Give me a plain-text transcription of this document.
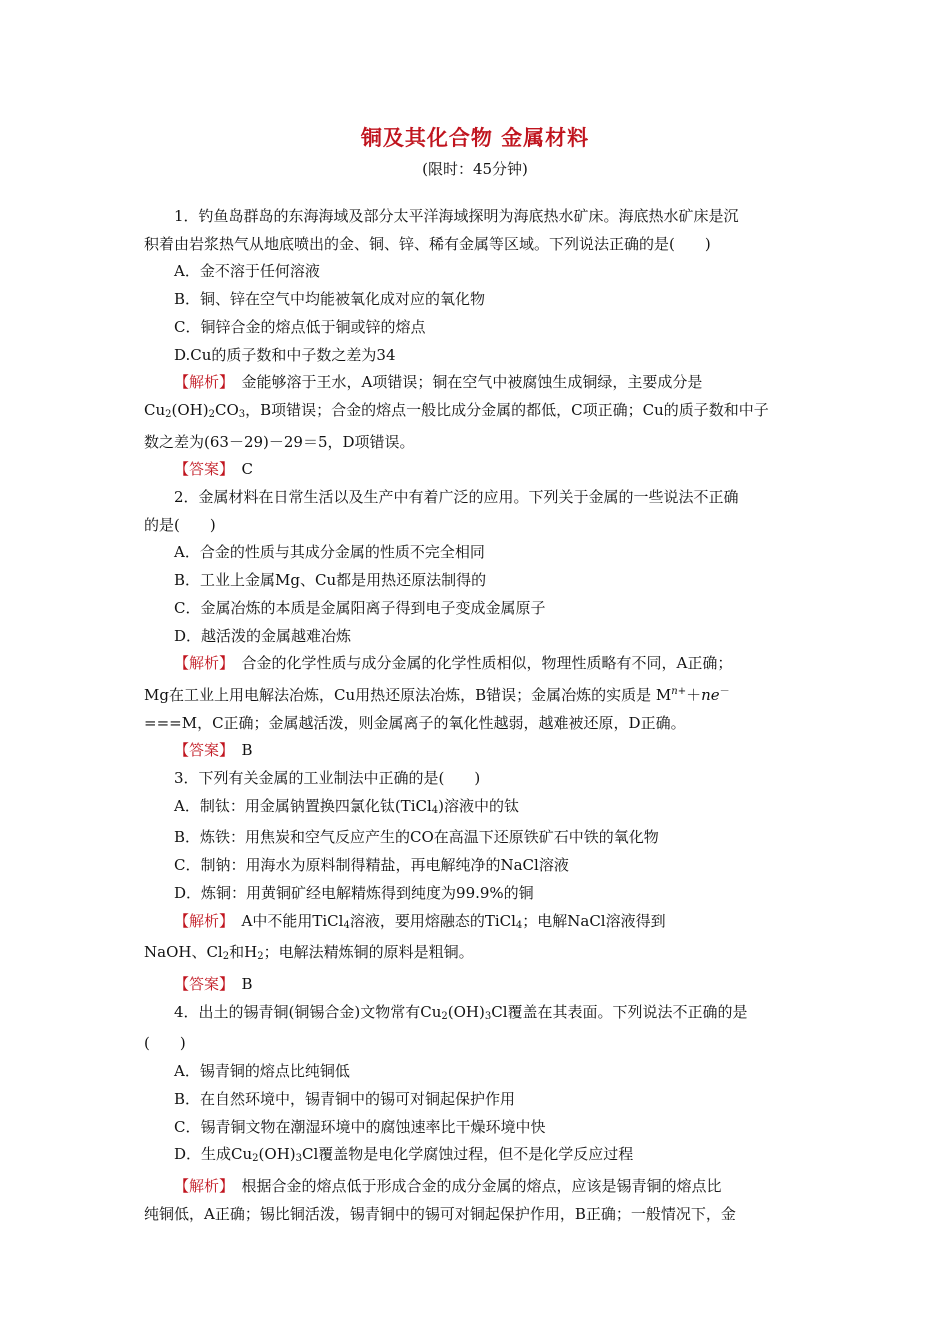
铜及其化合物 金属材料
(限时：45分钟)

1．钓鱼岛群岛的东海海域及部分太平洋海域探明为海底热水矿床。海底热水矿床是沉

积着由岩浆热气从地底喷出的金、铜、锌、稀有金属等区域。下列说法正确的是(　　)

A．金不溶于任何溶液

B．铜、锌在空气中均能被氧化成对应的氧化物

C．铜锌合金的熔点低于铜或锌的熔点

D.Cu的质子数和中子数之差为34

【解析】　金能够溶于王水，A项错误；铜在空气中被腐蚀生成铜绿，主要成分是

$Cu_2(OH)_2CO_3$，B项错误；合金的熔点一般比成分金属的都低，C项正确；Cu的质子数和中子

数之差为(63－29)－29＝5，D项错误。

【答案】　C

2．金属材料在日常生活以及生产中有着广泛的应用。下列关于金属的一些说法不正确

的是(　　)

A．合金的性质与其成分金属的性质不完全相同

B．工业上金属Mg、Cu都是用热还原法制得的

C．金属冶炼的本质是金属阳离子得到电子变成金属原子

D．越活泼的金属越难冶炼

【解析】　合金的化学性质与成分金属的化学性质相似，物理性质略有不同，A正确；

Mg在工业上用电解法冶炼，Cu用热还原法冶炼，B错误；金属冶炼的实质是 $M^{n+}+ne^-$

===M，C正确；金属越活泼，则金属离子的氧化性越弱，越难被还原，D正确。

【答案】　B

3．下列有关金属的工业制法中正确的是(　　)

A．制钛：用金属钠置换四氯化钛(TiCl$_4$)溶液中的钛

B．炼铁：用焦炭和空气反应产生的CO在高温下还原铁矿石中铁的氧化物

C．制钠：用海水为原料制得精盐，再电解纯净的NaCl溶液

D．炼铜：用黄铜矿经电解精炼得到纯度为99.9%的铜

【解析】　A中不能用TiCl$_4$溶液，要用熔融态的TiCl$_4$；电解NaCl溶液得到

NaOH、$Cl_2$和$H_2$；电解法精炼铜的原料是粗铜。

【答案】　B

4．出土的锡青铜(铜锡合金)文物常有$Cu_2(OH)_3Cl$覆盖在其表面。下列说法不正确的是

(　　)

A．锡青铜的熔点比纯铜低

B．在自然环境中，锡青铜中的锡可对铜起保护作用

C．锡青铜文物在潮湿环境中的腐蚀速率比干燥环境中快

D．生成$Cu_2(OH)_3Cl$覆盖物是电化学腐蚀过程，但不是化学反应过程

【解析】　根据合金的熔点低于形成合金的成分金属的熔点，应该是锡青铜的熔点比

纯铜低，A正确；锡比铜活泼，锡青铜中的锡可对铜起保护作用，B正确；一般情况下，金
